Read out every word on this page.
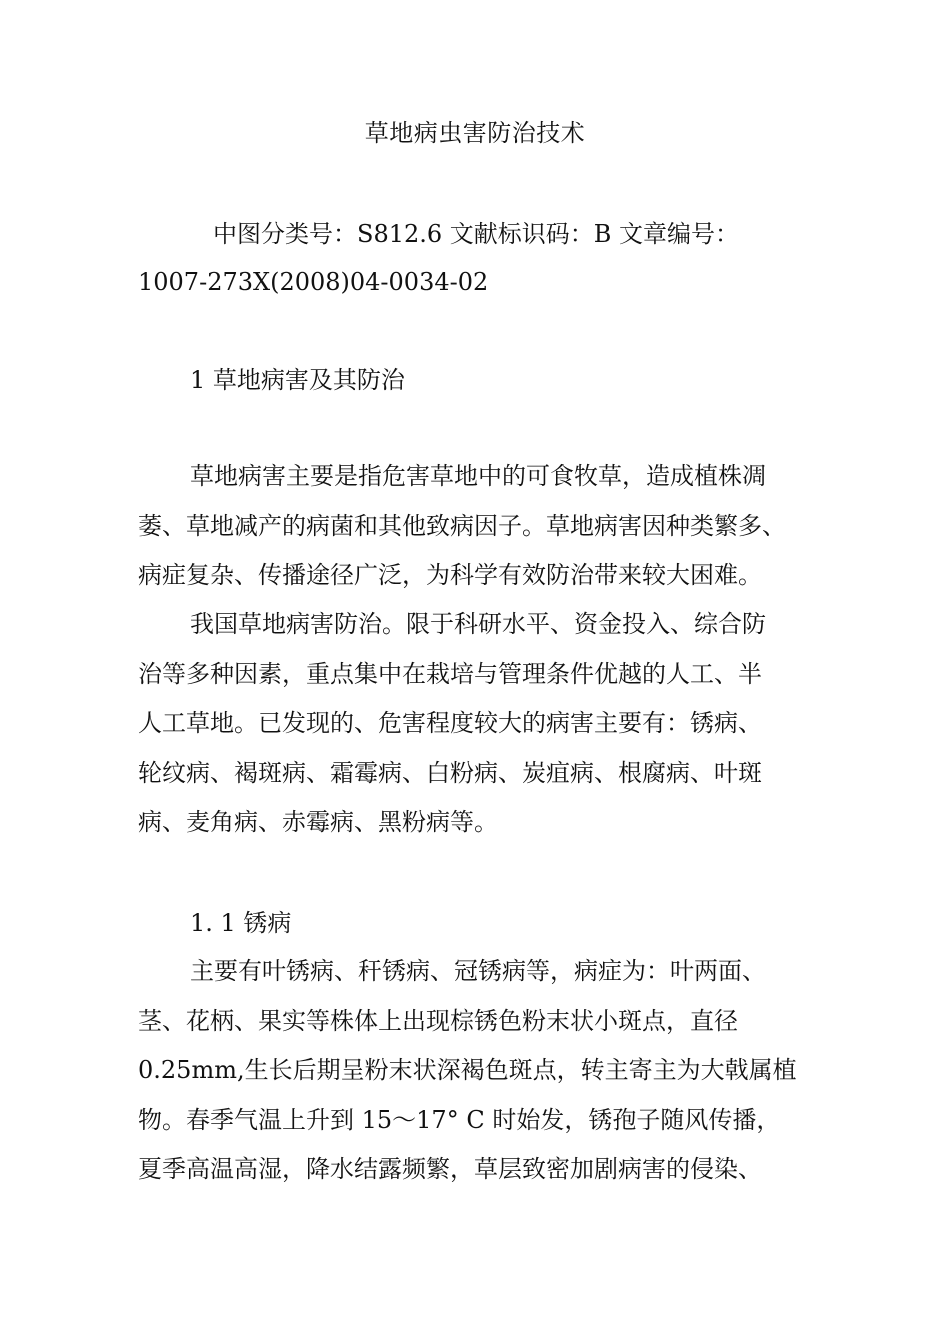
草地病虫害防治技术
中图分类号：S812.6 文献标识码：B 文章编号：
1007-273X(2008)04-0034-02
1 草地病害及其防治
草地病害主要是指危害草地中的可食牧草，造成植株凋
萎、草地减产的病菌和其他致病因子。草地病害因种类繁多、
病症复杂、传播途径广泛，为科学有效防治带来较大困难。
我国草地病害防治。限于科研水平、资金投入、综合防
治等多种因素，重点集中在栽培与管理条件优越的人工、半
人工草地。已发现的、危害程度较大的病害主要有：锈病、
轮纹病、褐斑病、霜霉病、白粉病、炭疽病、根腐病、叶斑
病、麦角病、赤霉病、黑粉病等。
1. 1 锈病
主要有叶锈病、秆锈病、冠锈病等，病症为：叶两面、
茎、花柄、果实等株体上出现棕锈色粉末状小斑点，直径
0.25mm,生长后期呈粉末状深褐色斑点，转主寄主为大戟属植
物。春季气温上升到 15～17° C 时始发，锈孢子随风传播，
夏季高温高湿，降水结露频繁，草层致密加剧病害的侵染、
